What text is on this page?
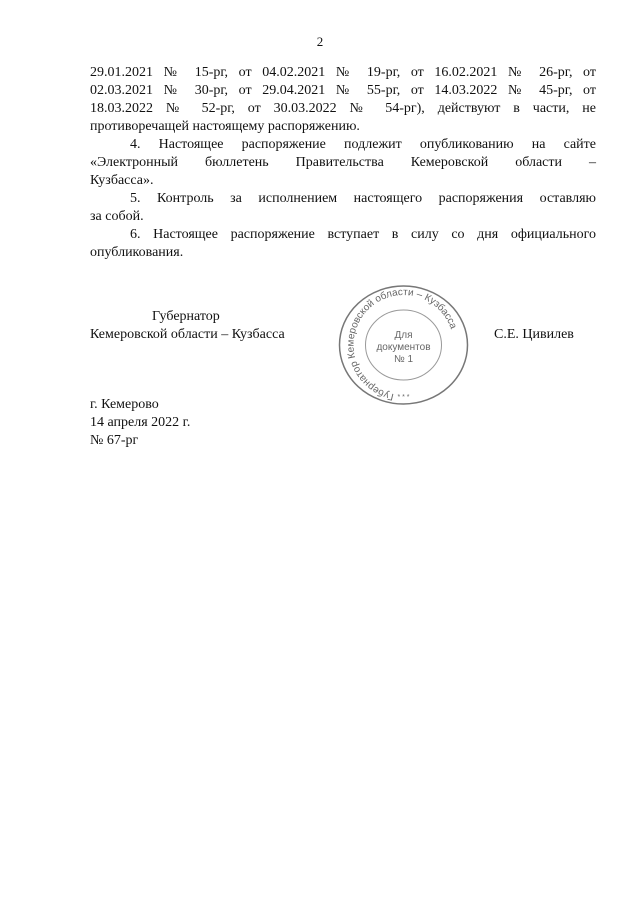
2
29.01.2021 № 15-рг, от 04.02.2021 № 19-рг, от 16.02.2021 № 26-рг, от
02.03.2021 № 30-рг, от 29.04.2021 № 55-рг, от 14.03.2022 № 45-рг, от
18.03.2022 № 52-рг, от 30.03.2022 № 54-рг), действуют в части, не
противоречащей настоящему распоряжению.
4. Настоящее распоряжение подлежит опубликованию на сайте
«Электронный бюллетень Правительства Кемеровской области –
Кузбасса».
5. Контроль за исполнением настоящего распоряжения оставляю
за собой.
6. Настоящее распоряжение вступает в силу со дня официального
опубликования.
Губернатор
Кемеровской области – Кузбасса	С.Е. Цивилев
Губернатор Кемеровской области – Кузбасса
Для
документов
№ 1
* * *
г. Кемерово
14 апреля 2022 г.
№ 67-рг
